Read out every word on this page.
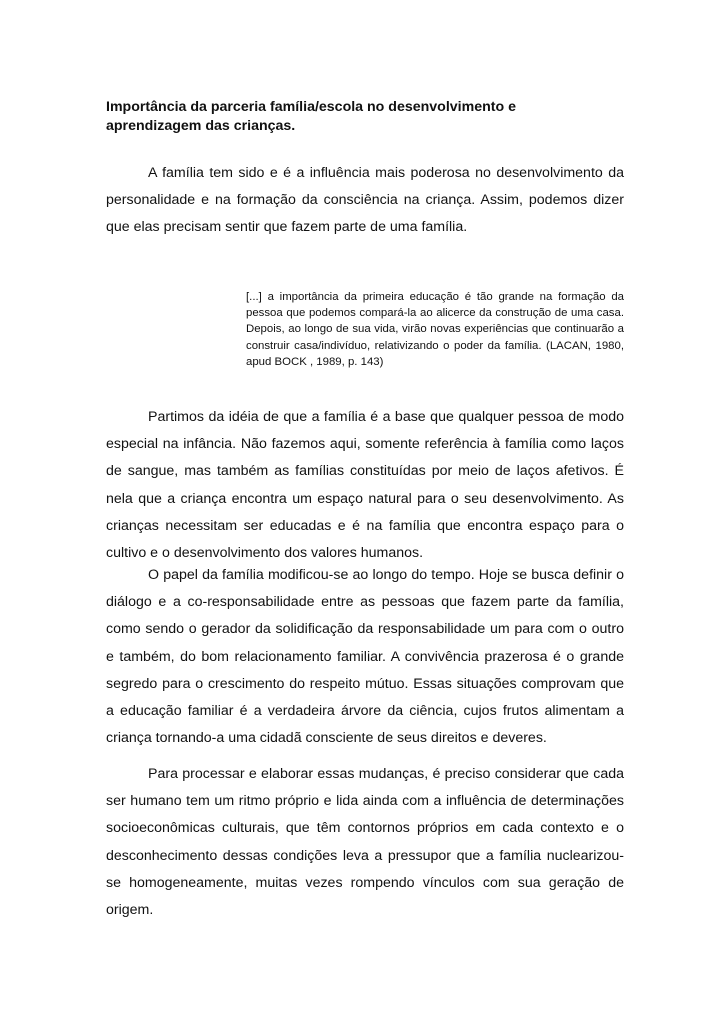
Importância da parceria família/escola no desenvolvimento e aprendizagem das crianças.

A família tem sido e é a influência mais poderosa no desenvolvimento da personalidade e na formação da consciência na criança. Assim, podemos dizer que elas precisam sentir que fazem parte de uma família.

[...] a importância da primeira educação é tão grande na formação da pessoa que podemos compará-la ao alicerce da construção de uma casa. Depois, ao longo de sua vida, virão novas experiências que continuarão a construir casa/indivíduo, relativizando o poder da família. (LACAN, 1980, apud BOCK , 1989, p. 143)

Partimos da idéia de que a família é a base que qualquer pessoa de modo especial na infância. Não fazemos aqui, somente referência à família como laços de sangue, mas também as famílias constituídas por meio de laços afetivos. É nela que a criança encontra um espaço natural para o seu desenvolvimento. As crianças necessitam ser educadas e é na família que encontra espaço para o cultivo e o desenvolvimento dos valores humanos.

O papel da família modificou-se ao longo do tempo. Hoje se busca definir o diálogo e a co-responsabilidade entre as pessoas que fazem parte da família, como sendo o gerador da solidificação da responsabilidade um para com o outro e também, do bom relacionamento familiar. A convivência prazerosa é o grande segredo para o crescimento do respeito mútuo. Essas situações comprovam que a educação familiar é a verdadeira árvore da ciência, cujos frutos alimentam a criança tornando-a uma cidadã consciente de seus direitos e deveres.

Para processar e elaborar essas mudanças, é preciso considerar que cada ser humano tem um ritmo próprio e lida ainda com a influência de determinações socioeconômicas culturais, que têm contornos próprios em cada contexto e o desconhecimento dessas condições leva a pressupor que a família nuclearizou-se homogeneamente, muitas vezes rompendo vínculos com sua geração de origem.
